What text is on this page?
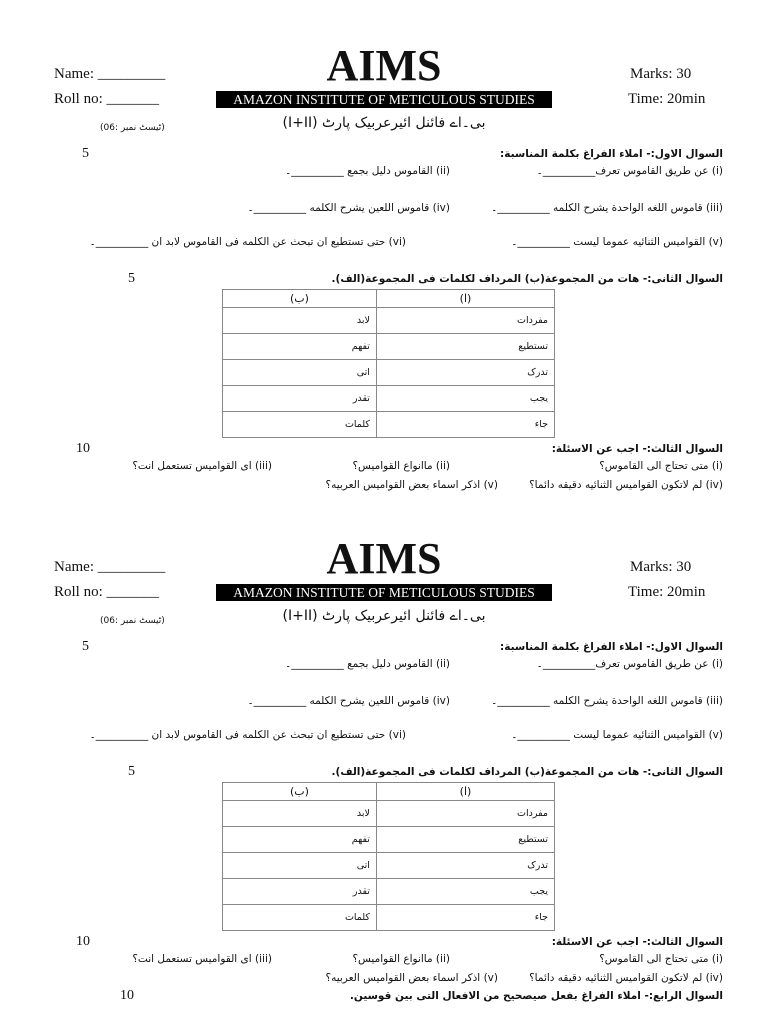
Name: _________
Roll no: _______
AIMS
AMAZON INSTITUTE OF METICULOUS STUDIES
Marks: 30
Time: 20min
بی۔اے فائنل ائیرعربیک پارٹ (I+II)
(ٹیسٹ نمبر :06)
5	السوال الاول:- املاء الفراغ بکلمة المناسبة:
(i) عن طریق القاموس تعرف__________۔
(ii) القاموس دلیل بجمع __________۔
(iii) قاموس اللغه الواحدة یشرح الکلمه __________۔
(iv) قاموس اللعین یشرح الکلمه __________۔
(v) القوامیس الثنائیه عموما لیست __________۔
(vi) حتی تستطیع ان تبحث عن الکلمه فی القاموس لابد ان __________۔
5	السوال الثانی:- هات من المجموعة(ب) المرداف لکلمات فی المجموعة(الف).
(ا)	(ب)
مفردات	لابد
تستطیع	تفهم
تدرک	اتی
یجب	تقدر
جاء	کلمات
10	السوال الثالث:- اجب عن الاسئلة:
(i) متی تحتاج الی القاموس؟
(ii) ماانواع القوامیس؟
(iii) ای القوامیس تستعمل انت؟
(iv) لم لاتکون القوامیس الثنائیه دقیقه دائما؟
(v) اذکر اسماء بعض القوامیس العربیه؟
Name: _________
Roll no: _______
AIMS
AMAZON INSTITUTE OF METICULOUS STUDIES
Marks: 30
Time: 20min
بی۔اے فائنل ائیرعربیک پارٹ (I+II)
(ٹیسٹ نمبر :06)
5	السوال الاول:- املاء الفراغ بکلمة المناسبة:
(i) عن طریق القاموس تعرف__________۔
(ii) القاموس دلیل بجمع __________۔
(iii) قاموس اللغه الواحدة یشرح الکلمه __________۔
(iv) قاموس اللعین یشرح الکلمه __________۔
(v) القوامیس الثنائیه عموما لیست __________۔
(vi) حتی تستطیع ان تبحث عن الکلمه فی القاموس لابد ان __________۔
5	السوال الثانی:- هات من المجموعة(ب) المرداف لکلمات فی المجموعة(الف).
(ا)	(ب)
مفردات	لابد
تستطیع	تفهم
تدرک	اتی
یجب	تقدر
جاء	کلمات
10	السوال الثالث:- اجب عن الاسئلة:
(i) متی تحتاج الی القاموس؟
(ii) ماانواع القوامیس؟
(iii) ای القوامیس تستعمل انت؟
(iv) لم لاتکون القوامیس الثنائیه دقیقه دائما؟
(v) اذکر اسماء بعض القوامیس العربیه؟
10	السوال الرابع:- املاء الفراغ بفعل صیصحیح من الافعال التی بین قوسین.
